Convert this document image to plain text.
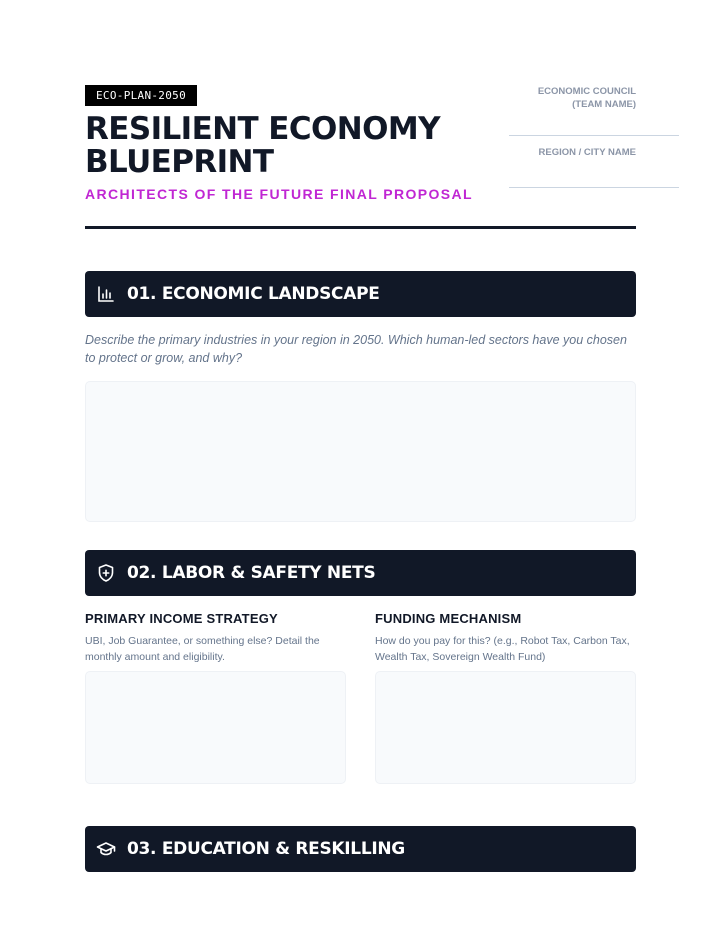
ECO-PLAN-2050
RESILIENT ECONOMY BLUEPRINT
ARCHITECTS OF THE FUTURE FINAL PROPOSAL
ECONOMIC COUNCIL (TEAM NAME)
REGION / CITY NAME
01. ECONOMIC LANDSCAPE

Describe the primary industries in your region in 2050. Which human-led sectors have you chosen to protect or grow, and why?

02. LABOR & SAFETY NETS
PRIMARY INCOME STRATEGY
UBI, Job Guarantee, or something else? Detail the monthly amount and eligibility.
FUNDING MECHANISM
How do you pay for this? (e.g., Robot Tax, Carbon Tax, Wealth Tax, Sovereign Wealth Fund)
03. EDUCATION & RESKILLING
